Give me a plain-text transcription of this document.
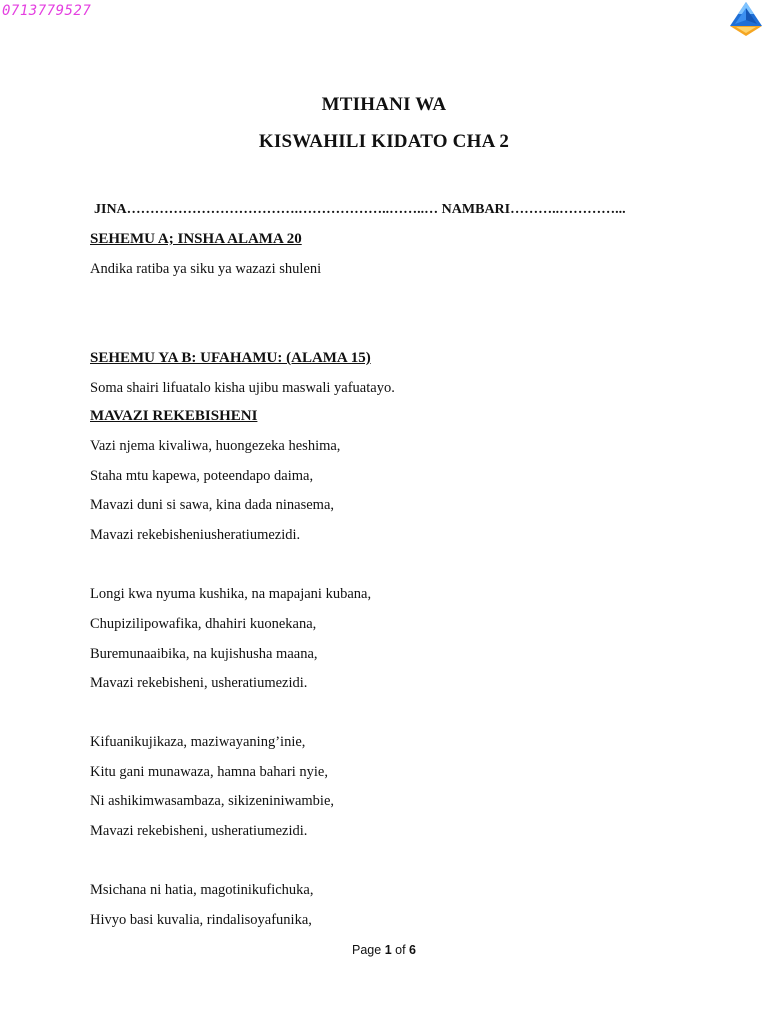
0713779527
MTIHANI WA
KISWAHILI KIDATO CHA 2
JINA……………………………….………………..……..… NAMBARI………..…………...
SEHEMU A; INSHA ALAMA 20
Andika ratiba ya siku ya wazazi shuleni
SEHEMU YA B: UFAHAMU: (ALAMA 15)
Soma shairi lifuatalo kisha ujibu maswali yafuatayo.
MAVAZI REKEBISHENI
Vazi njema kivaliwa, huongezeka heshima,
Staha mtu kapewa, poteendapo daima,
Mavazi duni si sawa, kina dada ninasema,
Mavazi rekebisheniusheratiumezidi.
Longi kwa nyuma kushika, na mapajani kubana,
Chupizilipowafika, dhahiri kuonekana,
Buremunaaibika, na kujishusha maana,
Mavazi rekebisheni, usheratiumezidi.
Kifuanikujikaza, maziwayaning’inie,
Kitu gani munawaza, hamna bahari nyie,
Ni ashikimwasambaza, sikizeniniwambie,
Mavazi rekebisheni, usheratiumezidi.
Msichana ni hatia, magotinikufichuka,
Hivyo basi kuvalia, rindalisoyafunika,
Page 1 of 6
